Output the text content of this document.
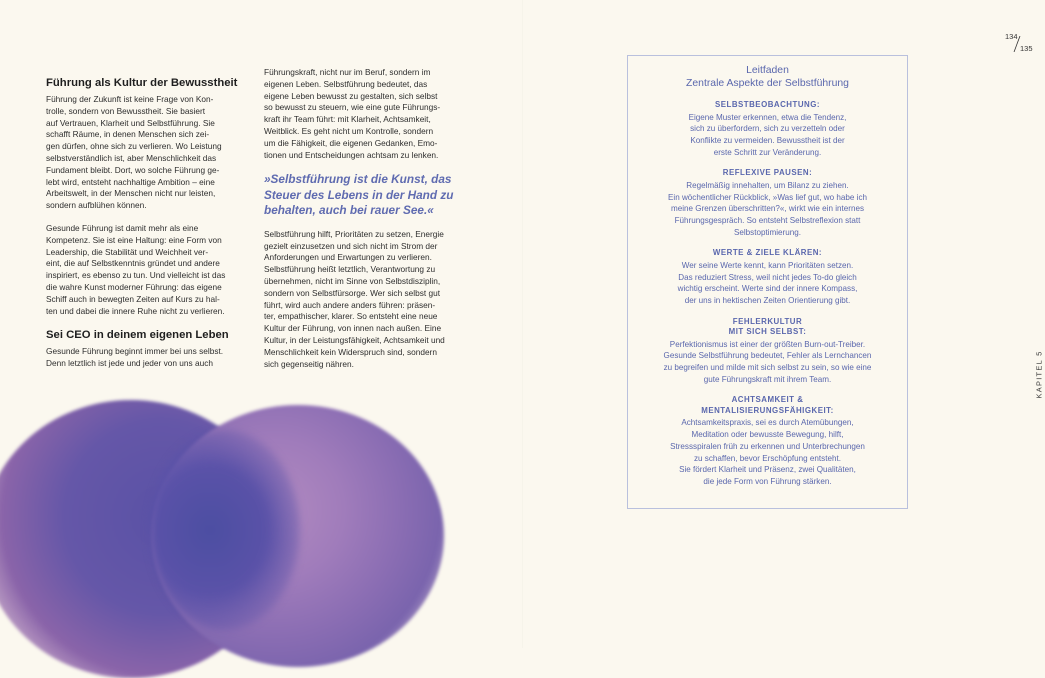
Führung als Kultur der Bewusstheit

Führung der Zukunft ist keine Frage von Kon-
trolle, sondern von Bewusstheit. Sie basiert
auf Vertrauen, Klarheit und Selbstführung. Sie
schafft Räume, in denen Menschen sich zei-
gen dürfen, ohne sich zu verlieren. Wo Leistung
selbstverständlich ist, aber Menschlichkeit das
Fundament bleibt. Dort, wo solche Führung ge-
lebt wird, entsteht nachhaltige Ambition – eine
Arbeitswelt, in der Menschen nicht nur leisten,
sondern aufblühen können.

Gesunde Führung ist damit mehr als eine
Kompetenz. Sie ist eine Haltung: eine Form von
Leadership, die Stabilität und Weichheit ver-
eint, die auf Selbstkenntnis gründet und andere
inspiriert, es ebenso zu tun. Und vielleicht ist das
die wahre Kunst moderner Führung: das eigene
Schiff auch in bewegten Zeiten auf Kurs zu hal-
ten und dabei die innere Ruhe nicht zu verlieren.

Sei CEO in deinem eigenen Leben

Gesunde Führung beginnt immer bei uns selbst.
Denn letztlich ist jede und jeder von uns auch

Führungskraft, nicht nur im Beruf, sondern im
eigenen Leben. Selbstführung bedeutet, das
eigene Leben bewusst zu gestalten, sich selbst
so bewusst zu steuern, wie eine gute Führungs-
kraft ihr Team führt: mit Klarheit, Achtsamkeit,
Weitblick. Es geht nicht um Kontrolle, sondern
um die Fähigkeit, die eigenen Gedanken, Emo-
tionen und Entscheidungen achtsam zu lenken.

»Selbstführung ist die Kunst, das
Steuer des Lebens in der Hand zu
behalten, auch bei rauer See.«

Selbstführung hilft, Prioritäten zu setzen, Energie
gezielt einzusetzen und sich nicht im Strom der
Anforderungen und Erwartungen zu verlieren.
Selbstführung heißt letztlich, Verantwortung zu
übernehmen, nicht im Sinne von Selbstdisziplin,
sondern von Selbstfürsorge. Wer sich selbst gut
führt, wird auch andere anders führen: präsen-
ter, empathischer, klarer. So entsteht eine neue
Kultur der Führung, von innen nach außen. Eine
Kultur, in der Leistungsfähigkeit, Achtsamkeit und
Menschlichkeit kein Widerspruch sind, sondern
sich gegenseitig nähren.

Leitfaden
Zentrale Aspekte der Selbstführung
SELBSTBEOBACHTUNG:
Eigene Muster erkennen, etwa die Tendenz,
sich zu überfordern, sich zu verzetteln oder
Konflikte zu vermeiden. Bewusstheit ist der
erste Schritt zur Veränderung.
REFLEXIVE PAUSEN:
Regelmäßig innehalten, um Bilanz zu ziehen.
Ein wöchentlicher Rückblick, »Was lief gut, wo habe ich
meine Grenzen überschritten?«, wirkt wie ein internes
Führungsgespräch. So entsteht Selbstreflexion statt
Selbstoptimierung.
WERTE & ZIELE KLÄREN:
Wer seine Werte kennt, kann Prioritäten setzen.
Das reduziert Stress, weil nicht jedes To-do gleich
wichtig erscheint. Werte sind der innere Kompass,
der uns in hektischen Zeiten Orientierung gibt.
FEHLERKULTUR
MIT SICH SELBST:
Perfektionismus ist einer der größten Burn-out-Treiber.
Gesunde Selbstführung bedeutet, Fehler als Lernchancen
zu begreifen und milde mit sich selbst zu sein, so wie eine
gute Führungskraft mit ihrem Team.
ACHTSAMKEIT &
MENTALISIERUNGSFÄHIGKEIT:
Achtsamkeitspraxis, sei es durch Atemübungen,
Meditation oder bewusste Bewegung, hilft,
Stressspiralen früh zu erkennen und Unterbrechungen
zu schaffen, bevor Erschöpfung entsteht.
Sie fördert Klarheit und Präsenz, zwei Qualitäten,
die jede Form von Führung stärken.
134
135
KAPITEL 5
